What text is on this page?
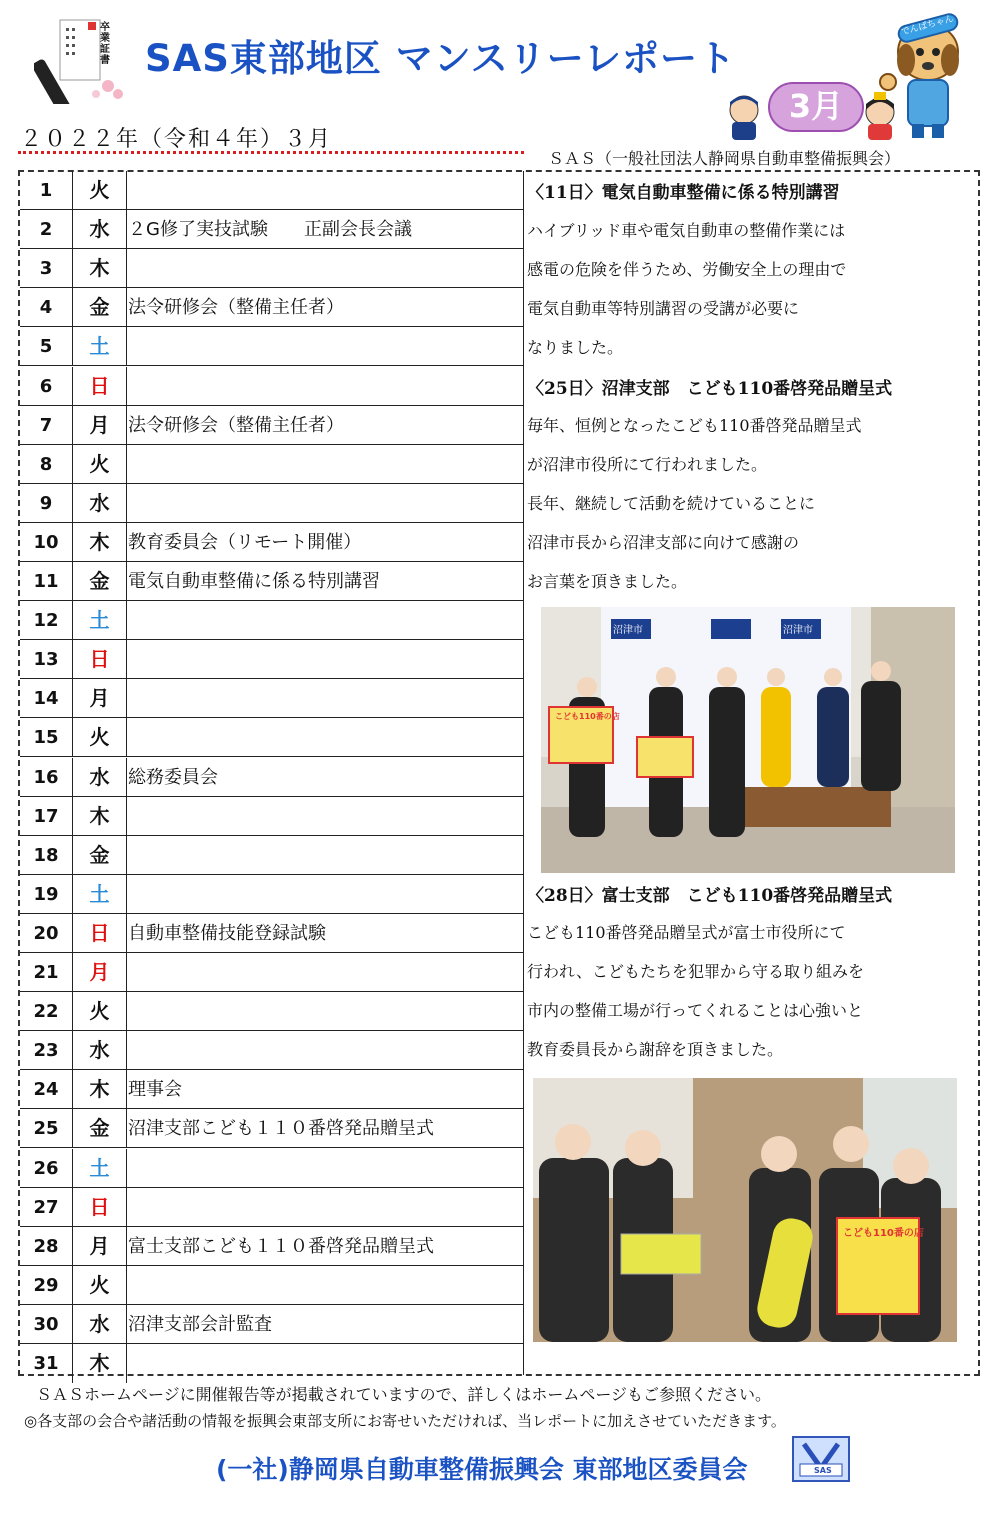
卒
業
証
書 SAS東部地区 マンスリーレポート
でんぱちゃん
3月
２０２２年（令和４年）３月
ＳＡＳ（一般社団法人静岡県自動車整備振興会）
1	火
2	水	２G修了実技試験　　正副会長会議
3	木
4	金	法令研修会（整備主任者）
5	土
6	日
7	月	法令研修会（整備主任者）
8	火
9	水
10	木	教育委員会（リモート開催）
11	金	電気自動車整備に係る特別講習
12	土
13	日
14	月
15	火
16	水	総務委員会
17	木
18	金
19	土
20	日	自動車整備技能登録試験
21	月
22	火
23	水
24	木	理事会
25	金	沼津支部こども１１０番啓発品贈呈式
26	土
27	日
28	月	富士支部こども１１０番啓発品贈呈式
29	火
30	水	沼津支部会計監査
31	木
〈11日〉電気自動車整備に係る特別講習
ハイブリッド車や電気自動車の整備作業には
感電の危険を伴うため、労働安全上の理由で
電気自動車等特別講習の受講が必要に
なりました。
〈25日〉沼津支部　こども110番啓発品贈呈式
毎年、恒例となったこども110番啓発品贈呈式
が沼津市役所にて行われました。
長年、継続して活動を続けていることに
沼津市長から沼津支部に向けて感謝の
お言葉を頂きました。
沼津市	沼津市
こども110番の店
〈28日〉富士支部　こども110番啓発品贈呈式
こども110番啓発品贈呈式が富士市役所にて
行われ、こどもたちを犯罪から守る取り組みを
市内の整備工場が行ってくれることは心強いと
教育委員長から謝辞を頂きました。
こども110番の店
ＳＡＳホームページに開催報告等が掲載されていますので、詳しくはホームページもご参照ください。
◎各支部の会合や諸活動の情報を振興会東部支所にお寄せいただければ、当レポートに加えさせていただきます。
(一社)静岡県自動車整備振興会 東部地区委員会	SAS
